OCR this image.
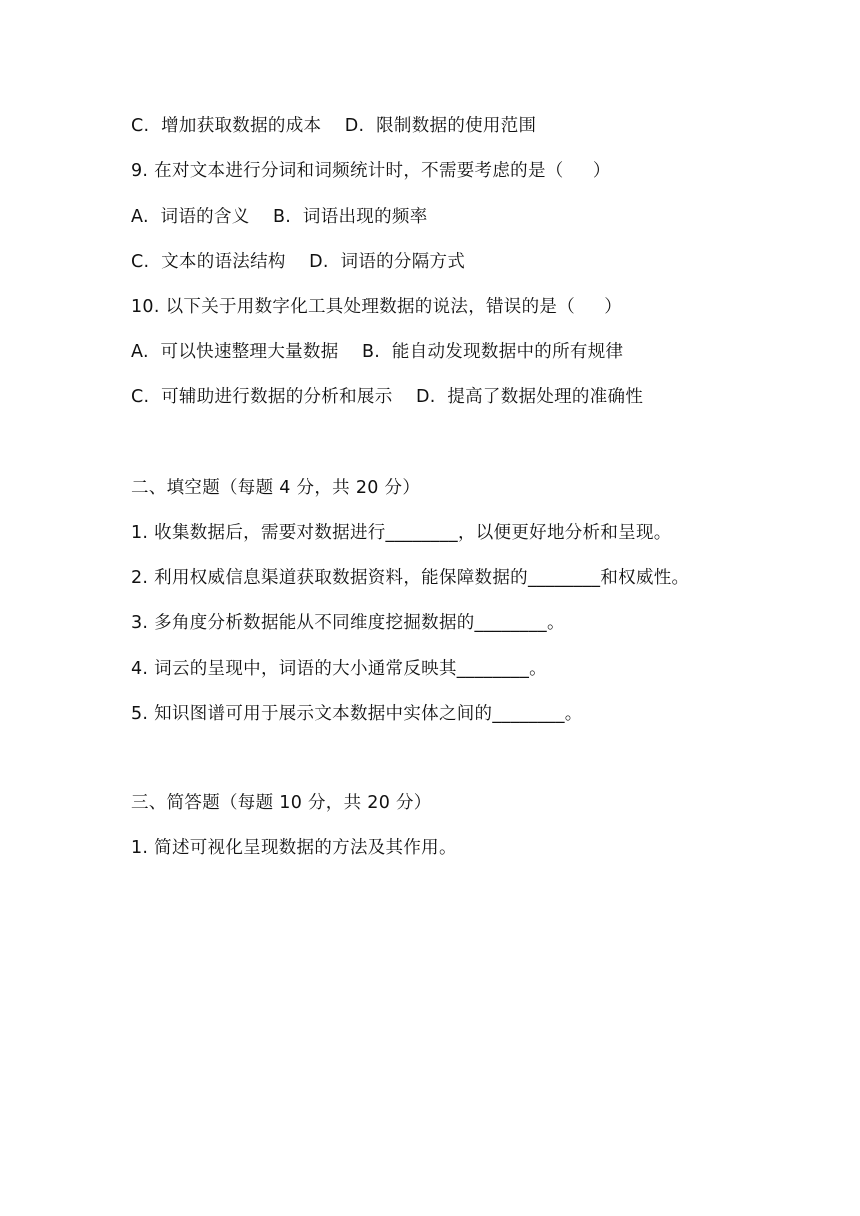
C.  增加获取数据的成本    D.  限制数据的使用范围
9. 在对文本进行分词和词频统计时，不需要考虑的是（     ）
A.  词语的含义    B.  词语出现的频率
C.  文本的语法结构    D.  词语的分隔方式
10. 以下关于用数字化工具处理数据的说法，错误的是（     ）
A.  可以快速整理大量数据    B.  能自动发现数据中的所有规律
C.  可辅助进行数据的分析和展示    D.  提高了数据处理的准确性
二、填空题（每题 4 分，共 20 分）
1. 收集数据后，需要对数据进行________，以便更好地分析和呈现。
2. 利用权威信息渠道获取数据资料，能保障数据的________和权威性。
3. 多角度分析数据能从不同维度挖掘数据的________。
4. 词云的呈现中，词语的大小通常反映其________。
5. 知识图谱可用于展示文本数据中实体之间的________。
三、简答题（每题 10 分，共 20 分）
1. 简述可视化呈现数据的方法及其作用。
